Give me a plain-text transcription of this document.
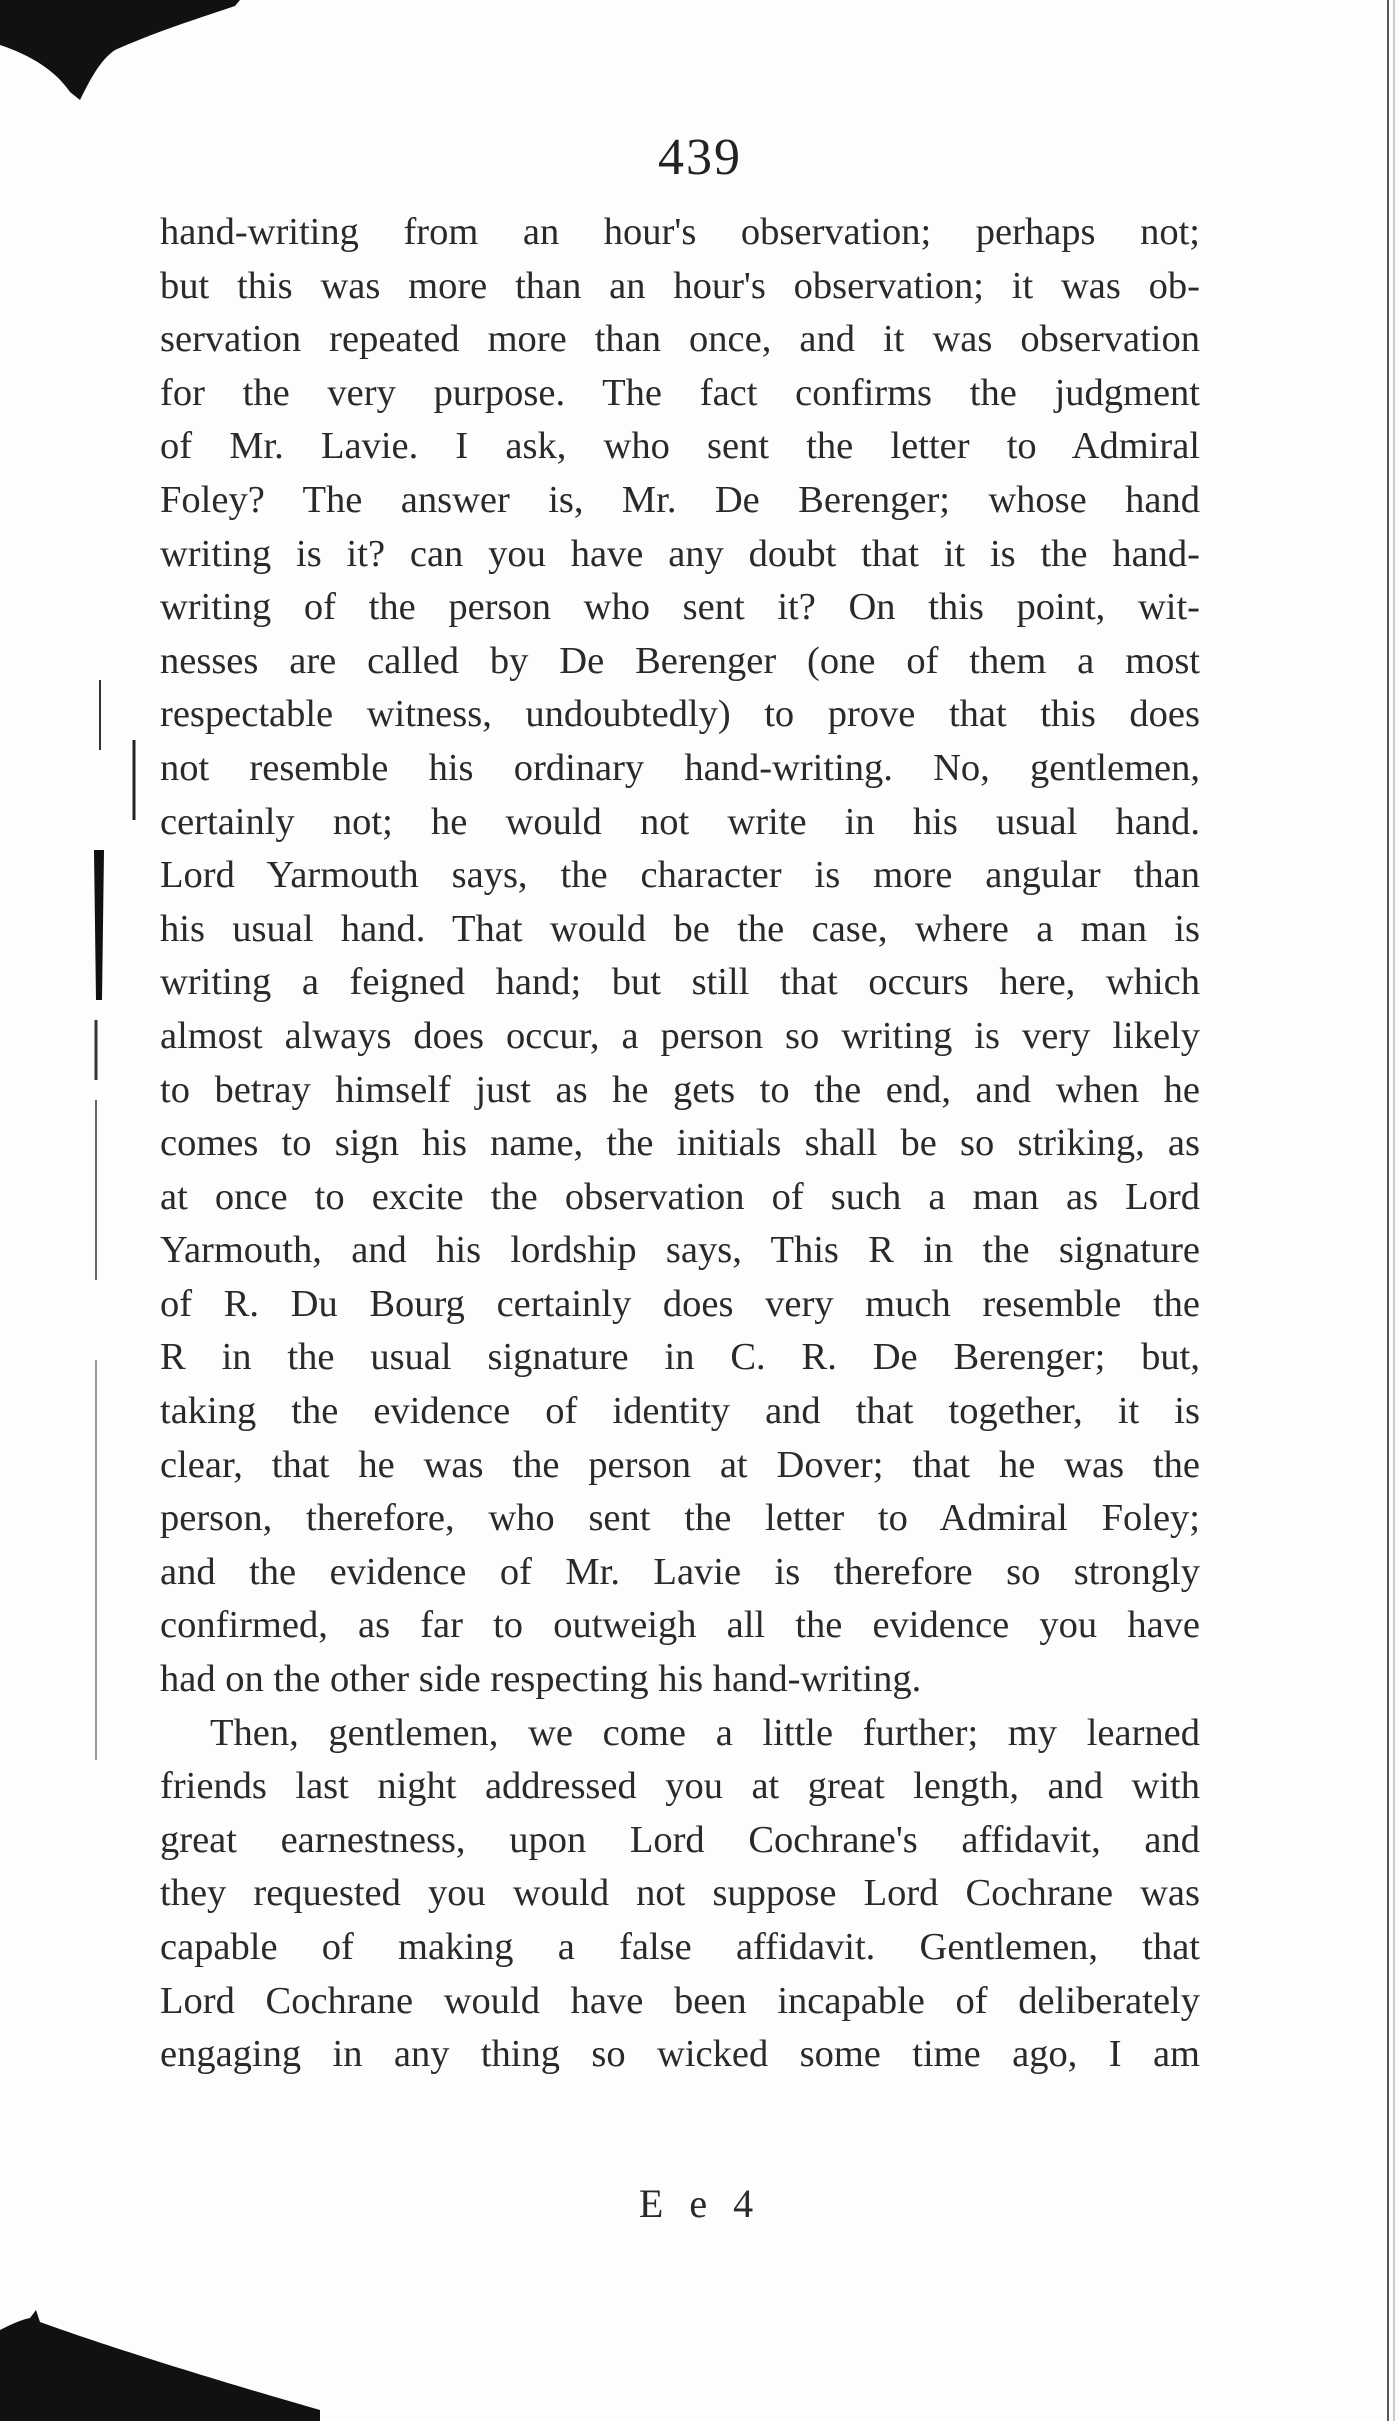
439
hand-writing from an hour's observation; perhaps not;
but this was more than an hour's observation; it was ob-
servation repeated more than once, and it was observation
for the very purpose. The fact confirms the judgment
of Mr. Lavie. I ask, who sent the letter to Admiral
Foley? The answer is, Mr. De Berenger; whose hand
writing is it? can you have any doubt that it is the hand-
writing of the person who sent it? On this point, wit-
nesses are called by De Berenger (one of them a most
respectable witness, undoubtedly) to prove that this does
not resemble his ordinary hand-writing. No, gentlemen,
certainly not; he would not write in his usual hand.
Lord Yarmouth says, the character is more angular than
his usual hand. That would be the case, where a man is
writing a feigned hand; but still that occurs here, which
almost always does occur, a person so writing is very likely
to betray himself just as he gets to the end, and when he
comes to sign his name, the initials shall be so striking, as
at once to excite the observation of such a man as Lord
Yarmouth, and his lordship says, This R in the signature
of R. Du Bourg certainly does very much resemble the
R in the usual signature in C. R. De Berenger; but,
taking the evidence of identity and that together, it is
clear, that he was the person at Dover; that he was the
person, therefore, who sent the letter to Admiral Foley;
and the evidence of Mr. Lavie is therefore so strongly
confirmed, as far to outweigh all the evidence you have
had on the other side respecting his hand-writing.
Then, gentlemen, we come a little further; my learned
friends last night addressed you at great length, and with
great earnestness, upon Lord Cochrane's affidavit, and
they requested you would not suppose Lord Cochrane was
capable of making a false affidavit. Gentlemen, that
Lord Cochrane would have been incapable of deliberately
engaging in any thing so wicked some time ago, I am
E e 4
